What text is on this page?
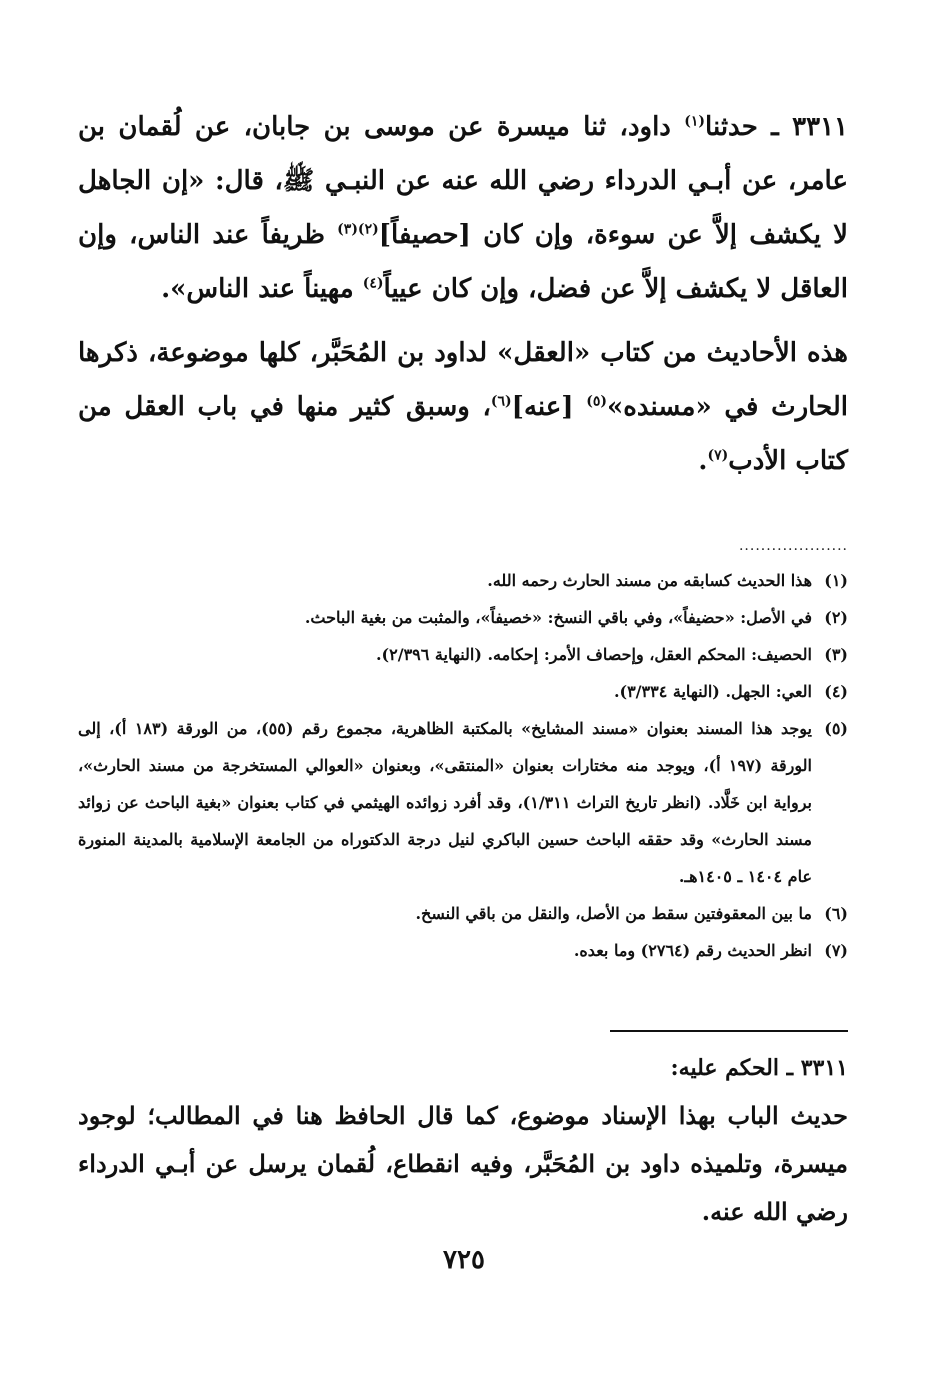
٣٣١١ ـ حدثنا$^{(١)}$ داود، ثنا ميسرة عن موسى بن جابان، عن لُقمان بن عامر، عن أبـي الدرداء رضي الله عنه عن النبـي ﷺ، قال: «إن الجاهل لا يكشف إلاَّ عن سوءة، وإن كان [حصيفاً]$^{(٢)(٣)}$ ظريفاً عند الناس، وإن العاقل لا يكشف إلاَّ عن فضل، وإن كان عيياً$^{(٤)}$ مهيناً عند الناس».

هذه الأحاديث من كتاب «العقل» لداود بن المُحَبَّر، كلها موضوعة، ذكرها الحارث في «مسنده»$^{(٥)}$ [عنه]$^{(٦)}$، وسبق كثير منها في باب العقل من كتاب الأدب$^{(٧)}$.

....................
(١)
هذا الحديث كسابقه من مسند الحارث رحمه الله.
(٢)
في الأصل: «حضيفاً»، وفي باقي النسخ: «خصيفاً»، والمثبت من بغية الباحث.
(٣)
الحصيف: المحكم العقل، وإحصاف الأمر: إحكامه. (النهاية ٢/٣٩٦).
(٤)
العي: الجهل. (النهاية ٣/٣٣٤).
(٥)
يوجد هذا المسند بعنوان «مسند المشايخ» بالمكتبة الظاهرية، مجموع رقم (٥٥)، من الورقة (١٨٣ أ)، إلى الورقة (١٩٧ أ)، ويوجد منه مختارات بعنوان «المنتقى»، وبعنوان «العوالي المستخرجة من مسند الحارث»، برواية ابن خَلَّاد. (انظر تاريخ التراث ١/٣١١)، وقد أفرد زوائده الهيثمي في كتاب بعنوان «بغية الباحث عن زوائد مسند الحارث» وقد حققه الباحث حسين الباكري لنيل درجة الدكتوراه من الجامعة الإسلامية بالمدينة المنورة عام ١٤٠٤ ـ ١٤٠٥هـ.
(٦)
ما بين المعقوفتين سقط من الأصل، والنقل من باقي النسخ.
(٧)
انظر الحديث رقم (٢٧٦٤) وما بعده.
٣٣١١ ـ الحكم عليه:
حديث الباب بهذا الإسناد موضوع، كما قال الحافظ هنا في المطالب؛ لوجود ميسرة، وتلميذه داود بن المُحَبَّر، وفيه انقطاع، لُقمان يرسل عن أبـي الدرداء رضي الله عنه.
٧٢٥
